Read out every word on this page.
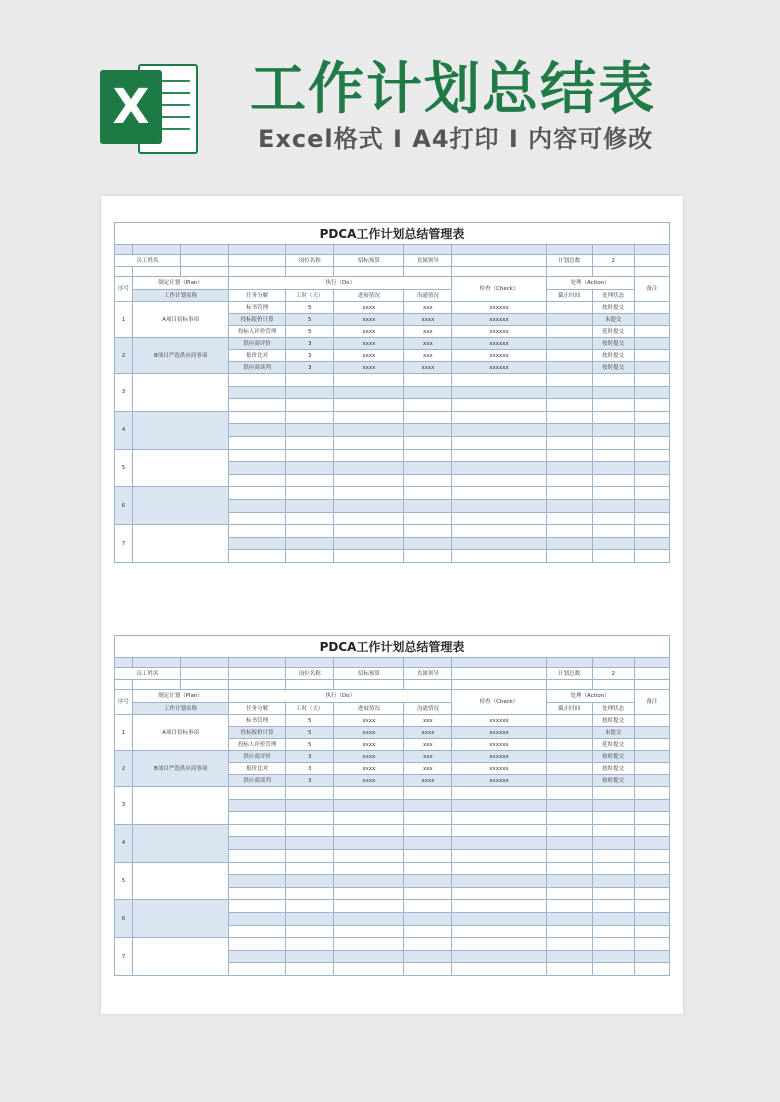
X 工作计划总结表
Excel格式 I A4打印 I 内容可修改
PDCA工作计划总结管理表										

员工姓名				岗位名称	招标预算	直属领导		计划总数	2	

序号	制定计划（Plan）		执行（Do）				检查（Check）	处理（Action）		备注
	工作计划名称		任务分解	工时（天）	进展情况	沟通情况		截止时间	处理状态	
1	A项目招标事项		标书管理	5	xxxx	xxx	xxxxxx		按时提交	
			投标报价计算	5	xxxx	xxxx	xxxxxx		未提交	
			投标人评价管理	5	xxxx	xxx	xxxxxx		延时提交	
2	B项目严选供应商事项		供应商评价	3	xxxx	xxx	xxxxxx		按时提交	
			报价比对	3	xxxx	xxx	xxxxxx		按时提交	
			供应商谈判	3	xxxx	xxxx	xxxxxx		按时提交	
3										

4										

5										

6										

7										

PDCA工作计划总结管理表										

员工姓名				岗位名称	招标预算	直属领导		计划总数	2	

序号	制定计划（Plan）		执行（Do）				检查（Check）	处理（Action）		备注
	工作计划名称		任务分解	工时（天）	进展情况	沟通情况		截止时间	处理状态	
1	A项目招标事项		标书管理	5	xxxx	xxx	xxxxxx		按时提交	
			投标报价计算	5	xxxx	xxxx	xxxxxx		未提交	
			投标人评价管理	5	xxxx	xxx	xxxxxx		延时提交	
2	B项目严选供应商事项		供应商评价	3	xxxx	xxx	xxxxxx		按时提交	
			报价比对	3	xxxx	xxx	xxxxxx		按时提交	
			供应商谈判	3	xxxx	xxxx	xxxxxx		按时提交	
3										

4										

5										

6										

7										
